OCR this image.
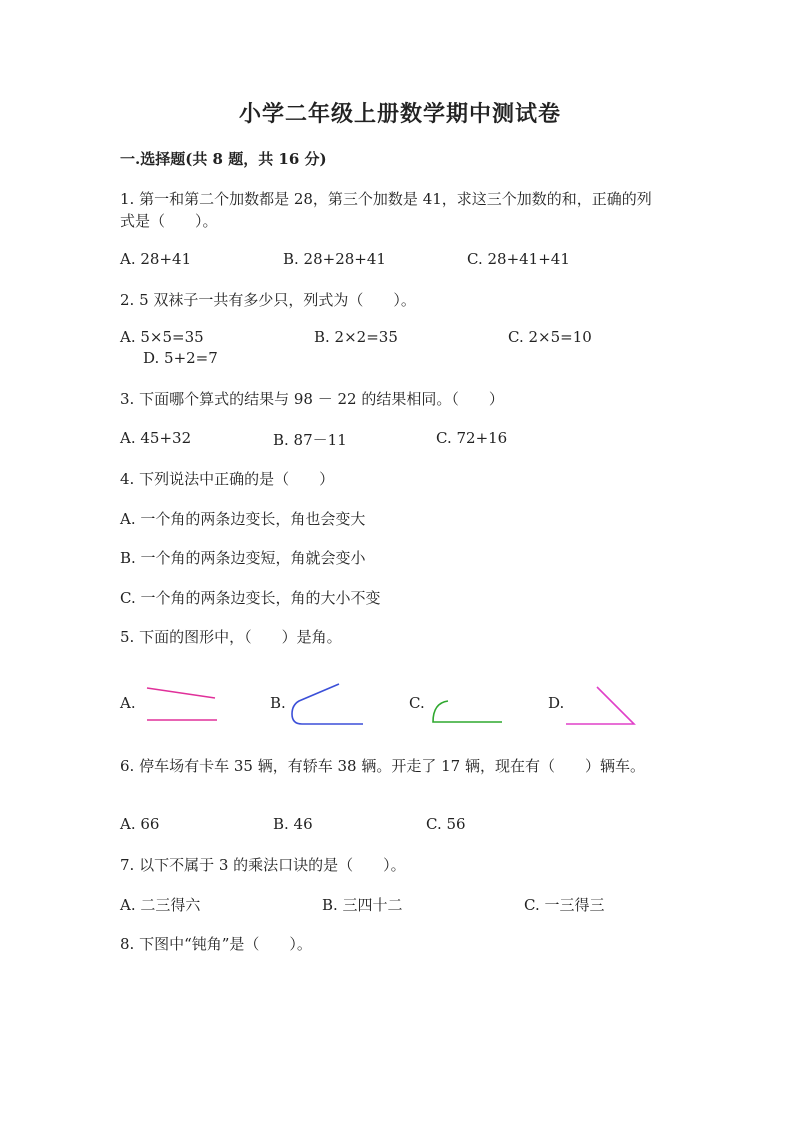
小学二年级上册数学期中测试卷
一.选择题(共 8 题，共 16 分)
1. 第一和第二个加数都是 28，第三个加数是 41，求这三个加数的和，正确的列
式是（　　）。
A. 28+41	B. 28+28+41	C. 28+41+41
2. 5 双袜子一共有多少只，列式为（　　）。
A. 5×5=35	B. 2×2=35	C. 2×5=10
D. 5+2=7
3. 下面哪个算式的结果与 98 － 22 的结果相同。（　　）
A. 45+32	B. 87－11	C. 72+16
4. 下列说法中正确的是（　　）
A. 一个角的两条边变长，角也会变大
B. 一个角的两条边变短，角就会变小
C. 一个角的两条边变长，角的大小不变
5. 下面的图形中，（　　）是角。
A.	B.	C.	D.
6. 停车场有卡车 35 辆，有轿车 38 辆。开走了 17 辆，现在有（　　）辆车。
A. 66	B. 46	C. 56
7. 以下不属于 3 的乘法口诀的是（　　）。
A. 二三得六	B. 三四十二	C. 一三得三
8. 下图中“钝角”是（　　）。
